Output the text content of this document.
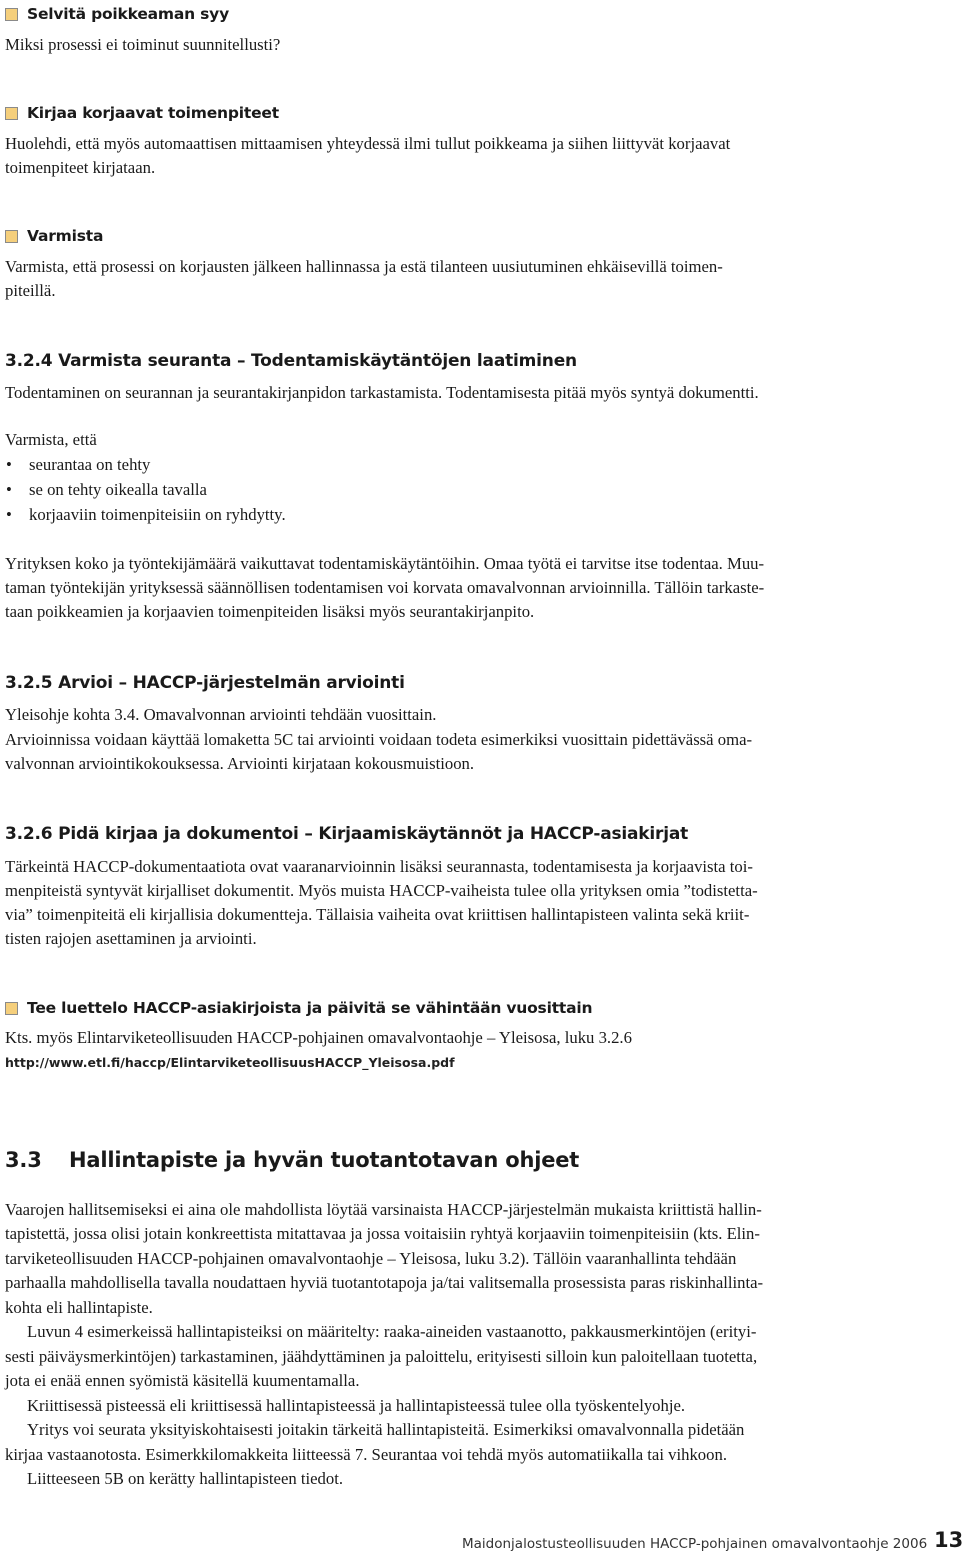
Selvitä poikkeaman syy
Miksi prosessi ei toiminut suunnitellusti?
Kirjaa korjaavat toimenpiteet
Huolehdi, että myös automaattisen mittaamisen yhteydessä ilmi tullut poikkeama ja siihen liittyvät korjaavat
toimenpiteet kirjataan.
Varmista
Varmista, että prosessi on korjausten jälkeen hallinnassa ja estä tilanteen uusiutuminen ehkäisevillä toimen-
piteillä.
3.2.4 Varmista seuranta – Todentamiskäytäntöjen laatiminen
Todentaminen on seurannan ja seurantakirjanpidon tarkastamista. Todentamisesta pitää myös syntyä dokumentti.
Varmista, että
• seurantaa on tehty
• se on tehty oikealla tavalla
• korjaaviin toimenpiteisiin on ryhdytty.
Yrityksen koko ja työntekijämäärä vaikuttavat todentamiskäytäntöihin. Omaa työtä ei tarvitse itse todentaa. Muu-
taman työntekijän yrityksessä säännöllisen todentamisen voi korvata omavalvonnan arvioinnilla. Tällöin tarkaste-
taan poikkeamien ja korjaavien toimenpiteiden lisäksi myös seurantakirjanpito.
3.2.5 Arvioi – HACCP-järjestelmän arviointi
Yleisohje kohta 3.4. Omavalvonnan arviointi tehdään vuosittain.
Arvioinnissa voidaan käyttää lomaketta 5C tai arviointi voidaan todeta esimerkiksi vuosittain pidettävässä oma-
valvonnan arviointikokouksessa. Arviointi kirjataan kokousmuistioon.
3.2.6 Pidä kirjaa ja dokumentoi – Kirjaamiskäytännöt ja HACCP-asiakirjat
Tärkeintä HACCP-dokumentaatiota ovat vaaranarvioinnin lisäksi seurannasta, todentamisesta ja korjaavista toi-
menpiteistä syntyvät kirjalliset dokumentit. Myös muista HACCP-vaiheista tulee olla yrityksen omia ”todistetta-
via” toimenpiteitä eli kirjallisia dokumentteja. Tällaisia vaiheita ovat kriittisen hallintapisteen valinta sekä kriit-
tisten rajojen asettaminen ja arviointi.
Tee luettelo HACCP-asiakirjoista ja päivitä se vähintään vuosittain
Kts. myös Elintarviketeollisuuden HACCP-pohjainen omavalvontaohje – Yleisosa, luku 3.2.6
http://www.etl.fi/haccp/ElintarviketeollisuusHACCP_Yleisosa.pdf
3.3 Hallintapiste ja hyvän tuotantotavan ohjeet
Vaarojen hallitsemiseksi ei aina ole mahdollista löytää varsinaista HACCP-järjestelmän mukaista kriittistä hallin-
tapistettä, jossa olisi jotain konkreettista mitattavaa ja jossa voitaisiin ryhtyä korjaaviin toimenpiteisiin (kts. Elin-
tarviketeollisuuden HACCP-pohjainen omavalvontaohje – Yleisosa, luku 3.2). Tällöin vaaranhallinta tehdään
parhaalla mahdollisella tavalla noudattaen hyviä tuotantotapoja ja/tai valitsemalla prosessista paras riskinhallinta-
kohta eli hallintapiste.
Luvun 4 esimerkeissä hallintapisteiksi on määritelty: raaka-aineiden vastaanotto, pakkausmerkintöjen (erityi-
sesti päiväysmerkintöjen) tarkastaminen, jäähdyttäminen ja paloittelu, erityisesti silloin kun paloitellaan tuotetta,
jota ei enää ennen syömistä käsitellä kuumentamalla.
Kriittisessä pisteessä eli kriittisessä hallintapisteessä ja hallintapisteessä tulee olla työskentelyohje.
Yritys voi seurata yksityiskohtaisesti joitakin tärkeitä hallintapisteitä. Esimerkiksi omavalvonnalla pidetään
kirjaa vastaanotosta. Esimerkkilomakkeita liitteessä 7. Seurantaa voi tehdä myös automatiikalla tai vihkoon.
Liitteeseen 5B on kerätty hallintapisteen tiedot.
Maidonjalostusteollisuuden HACCP-pohjainen omavalvontaohje 2006 13
